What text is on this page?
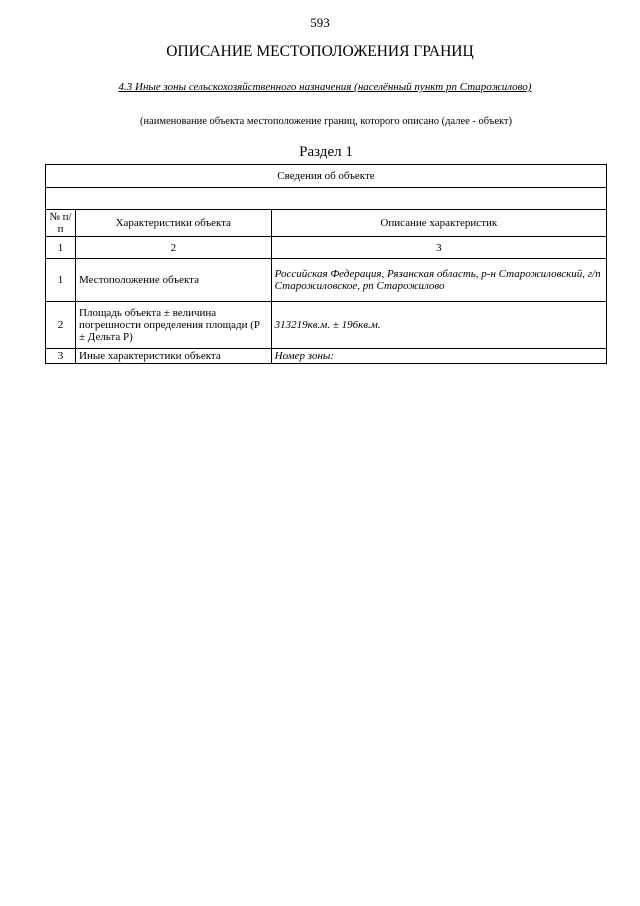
593
ОПИСАНИЕ МЕСТОПОЛОЖЕНИЯ ГРАНИЦ
4.3 Иные зоны сельскохозяйственного назначения (населённый пункт рп Старожилово)
(наименование объекта местоположение границ, которого описано (далее - объект)
Раздел 1
Сведения об объекте		

№ п/п	Характеристики объекта	Описание характеристик
1	2	3
1	Местоположение объекта	Российская Федерация, Рязанская область, р-н Старожиловский, г/п Старожиловское, рп Старожилово
2	Площадь объекта ± величина погрешности определения площади (Р ± Дельта Р)	313219кв.м. ± 196кв.м.
3	Иные характеристики объекта	Номер зоны:
